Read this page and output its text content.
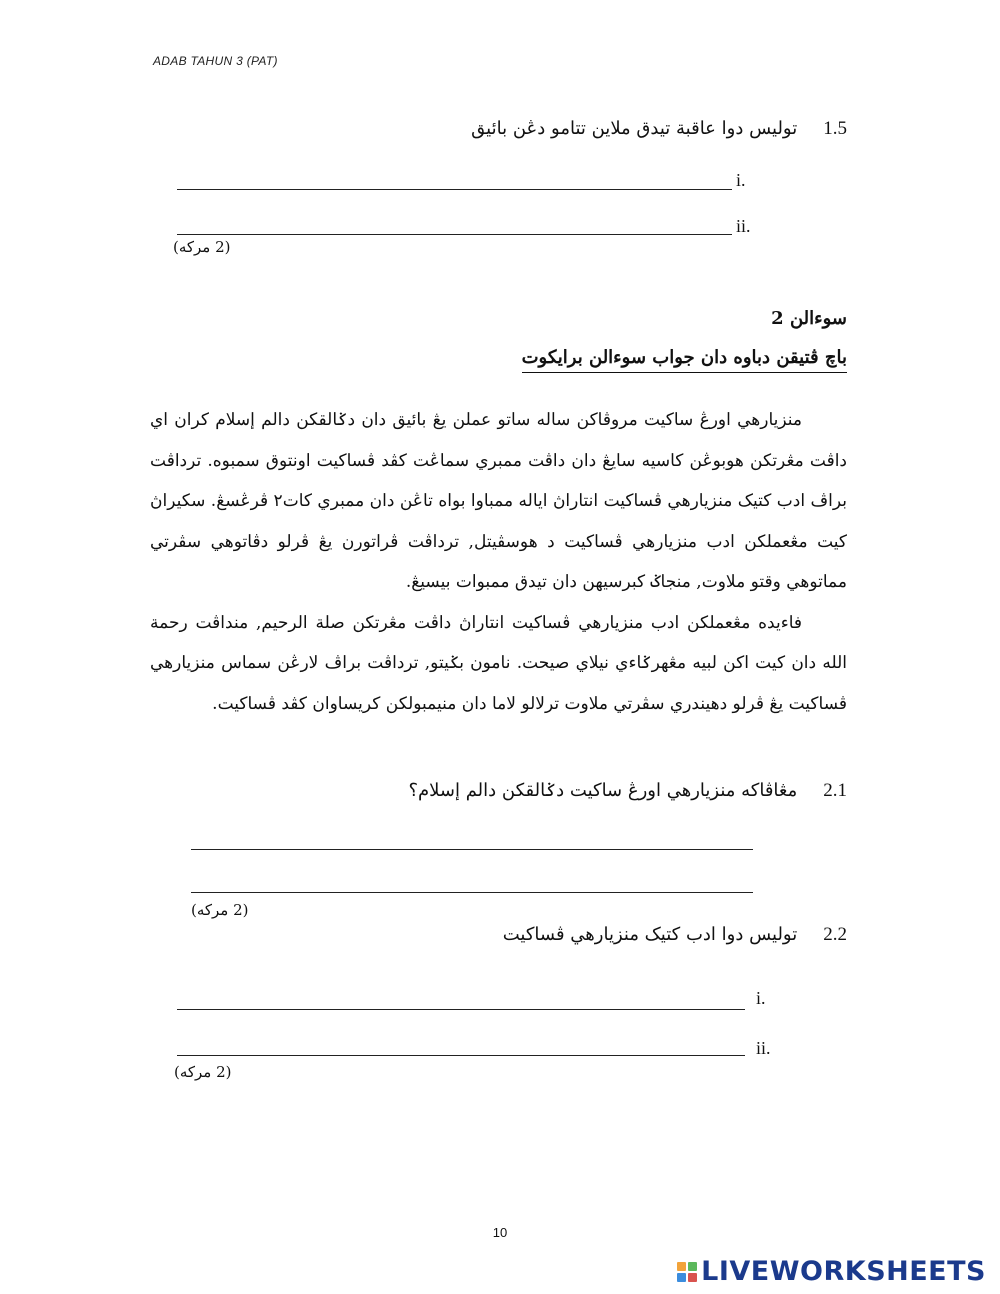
ADAB TAHUN 3 (PAT)
1.5توليس دوا عاقبة تيدق ملاين تتامو دڠن بائيق
i.
ii.
(2 مركه)
سوءالن 2
باچ ڤتيقن دباوه دان جواب سوءالن برايكوت

منزيارهي اورڠ ساكيت مروڤاكن ساله ساتو عملن يڠ بائيق دان دݢالقكن دالم إسلام كران اي داڤت مڠرتكن هوبوڠن كاسيه سايڠ دان داڤت ممبري سماڠت كڤد ڤساكيت اونتوق سمبوه. ترداڤت براڤ ادب كتيک منزيارهي ڤساكيت انتاراڽ اياله ممباوا بواه تاڠن دان ممبري كات٢ ڤرڠسڠ. سكيراڽ كيت مڠعملكن ادب منزيارهي ڤساكيت د هوسڤيتل, ترداڤت ڤراتورن يڠ ڤرلو دڤاتوهي سڤرتي مماتوهي وقتو ملاوت, منجاݢ كبرسيهن دان تيدق ممبوات بيسيڠ.

فاءيده مڠعملكن ادب منزيارهي ڤساكيت انتاراڽ داڤت مڠرتكن صلة الرحيم, منداڤت رحمة الله دان كيت اكن لبيه مڠهرݢاءي نيلاي صيحت. نامون بݢيتو, ترداڤت براڤ لارڠن سماس منزيارهي ڤساكيت يڠ ڤرلو دهيندري سڤرتي ملاوت ترلالو لاما دان منيمبولكن كريساوان كڤد ڤساكيت.

2.1مڠاڤاكه منزيارهي اورڠ ساكيت دݢالقكن دالم إسلام؟
(2 مركه)
2.2توليس دوا ادب كتيک منزيارهي ڤساكيت
i.
ii.
(2 مركه)
10
LIVEWORKSHEETS
